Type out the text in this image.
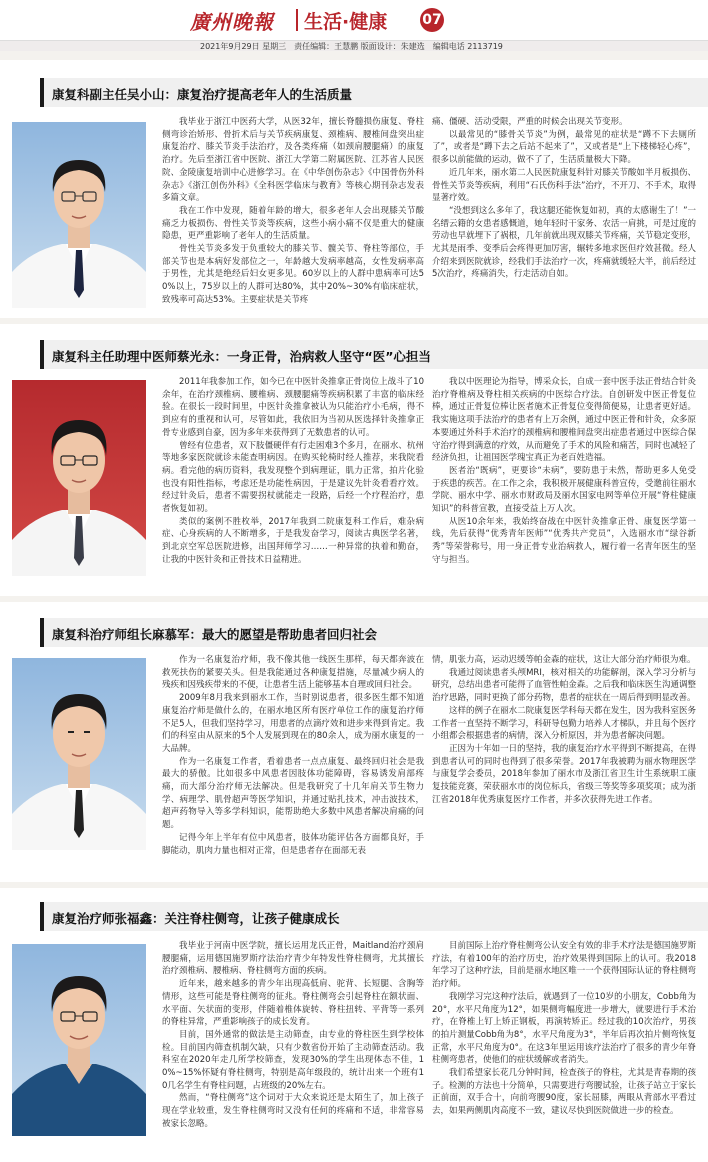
廣州晚報 生活·健康	07
2021年9月29日 星期三　责任编辑：王慧鹏 版面设计：朱建选　编辑电话 2113719
康复科副主任吴小山：康复治疗提高老年人的生活质量

我毕业于浙江中医药大学，从医32年，擅长脊髓损伤康复、脊柱侧弯诊治矫形、骨折术后与关节疾病康复、颈椎病、腰椎间盘突出症康复治疗、膝关节炎手法治疗，及各类疼痛（如颈肩腰腿痛）的康复治疗。先后至浙江省中医院、浙江大学第二附属医院、江苏省人民医院、金陵康复培训中心进修学习。在《中华创伤杂志》《中国骨伤外科杂志》《浙江创伤外科》《全科医学临床与教育》等核心期刊杂志发表多篇文章。

我在工作中发现，随着年龄的增大，很多老年人会出现膝关节酸痛乏力板损伤、骨性关节炎等疾病，这些小病小痛不仅是重大的健康隐患，更严重影响了老年人的生活质量。

骨性关节炎多发于负重较大的膝关节、髋关节、脊柱等部位，手部关节也是本病好发部位之一，年龄越大发病率越高，女性发病率高于男性，尤其是绝经后妇女更多见。60岁以上的人群中患病率可达50%以上，75岁以上的人群可达80%，其中20%~30%有临床症状，致残率可高达53%。主要症状是关节疼

痛、僵硬、活动受限，严重的时候会出现关节变形。

以最常见的“膝骨关节炎”为例，最常见的症状是“蹲不下去厕所了”，或者是“蹲下去之后站不起来了”，又或者是“上下楼梯轻心疼”，很多以前能做的运动，做不了了，生活质量极大下降。

近几年来，丽水第二人民医院康复科针对膝关节酸如半月板损伤、骨性关节炎等疾病，利用“石氏伤科手法”治疗，不开刀、不手术，取得显著疗效。

“没想到这么多年了，我这腿还能恢复如初，真的太感谢生了！”一名缙云籍的女患者感慨道，她年轻时干家务、农活一肩挑，可是过度的劳动也早就埋下了祸根，几年前就出现双膝关节疼痛，关节稳定变形，尤其是雨季、变季后会疼得更加厉害，辗转多地求医但疗效甚微。经人介绍来到医院就诊，经我们手法治疗一次，疼痛就缓轻大半，前后经过5次治疗，疼痛消失，行走活动自如。

康复科主任助理中医师蔡光永：一身正骨，治病救人坚守“医”心担当

2011年我参加工作，如今已在中医针灸推拿正骨岗位上战斗了10余年，在治疗颈椎病、腰椎病、颈腰腿痛等疾病积累了丰富的临床经验。在很长一段时间里，中医针灸推拿被认为只能治疗小毛病，得不到应有的重视和认可，尽管如此，我依旧为当初从医选择针灸推拿正骨专业感到自豪，因为多年来获得到了无数患者的认可。

曾经有位患者，双下肢僵硬伴有行走困难3个多月，在丽水、杭州等地多家医院就诊未能查明病因。在购买轮椅时经人推荐，来我院看病。看完他的病历资料，我发现整个到病理证，肌力正常，拍片化验也没有阳性指标，考虑还是功能性病因，于是建议先针灸看看疗效。经过针灸后，患者不需要拐杖就能走一段路，后经一个疗程治疗，患者恢复如初。

类似的案例不胜枚举，2017年我到二院康复科工作后，难杂病症、心身疾病的人不断增多，于是我发奋学习，阅读古典医学名著，到北京空军总医院进修，出国拜师学习……一种异常的执着和勤奋，让我的中医针灸和正骨技术日益精进。

我以中医理论为指导，博采众长，自成一套中医手法正骨结合针灸治疗脊椎病及脊柱相关疾病的中医综合疗法。自创研发中医正骨复位棒，通过正骨复位棒让医者施术正骨复位变得简便易，让患者更好适。我实施这项手法治疗的患者有上万余例，通过中医正骨和针灸，众多原本要通过外科手术治疗的颈椎病和腰椎间盘突出症患者通过中医综合保守治疗得到满意的疗效，从而避免了手术的风险和痛苦，同时也减轻了经济负担，让祖国医学瑰宝真正为老百姓造福。

医者治“既病”，更要诊“未病”，要防患于未然，帮助更多人免受于疾患的疾苦。在工作之余，我积极开展健康科普宣传，受邀前往丽水学院、丽水中学、丽水市财政局及丽水国家电网等单位开展“脊柱健康知识”的科普宣教，直接受益上万人次。

从医10余年来，我始终奋战在中医针灸推拿正骨、康复医学第一线，先后获得“优秀青年医师”“优秀共产党员”，入选丽水市“绿谷新秀”等荣誉称号，用一身正骨专业治病救人，履行着一名青年医生的坚守与担当。

康复科治疗师组长麻慕军：最大的愿望是帮助患者回归社会

作为一名康复治疗师，我不像其他一线医生那样，每天都奔波在救死扶伤的紧要关头。但是我能通过各种康复措施，尽量减少病人的残疾和因残疾带来的不便，让患者生活上能够基本自理或回归社会。

2009年8月我来到丽水工作，当时别说患者，很多医生都不知道康复治疗师是做什么的，在丽水地区所有医疗单位工作的康复治疗师不足5人，但我们坚持学习，用患者的点滴疗效和进步来得到肯定。我们的科室由从原来的5个人发展到现在的80余人，成为丽水康复的一大品牌。

作为一名康复工作者，看着患者一点点康复、最终回归社会是我最大的骄傲。比如很多中风患者因肢体功能障碍，容易诱发肩部疼痛，而大部分治疗师无法解决。但是我研究了十几年肩关节生物力学、病理学、肌骨超声等医学知识，并通过贴扎技术，冲击波技术，超声药物导入等多学科知识，能帮助绝大多数中风患者解决肩痛的问题。

记得今年上半年有位中风患者，肢体功能评估各方面都良好，手脚能动，肌肉力量也相对正常，但是患者存在面部无表

情，肌张力高，运动迟缓等帕金森的症状，这让大部分治疗师很为难。

我通过阅读患者头颅MRI，核对相关的功能解剖，深入学习分析与研究，总结出患者可能得了血管性帕金森。之后我和临床医生沟通调整治疗思路，同时更换了部分药物，患者的症状在一周后得到明显改善。

这样的例子在丽水二院康复医学科每天都在发生，因为我科室医务工作者一直坚持不断学习，科研导包勤力培养人才梯队，并且每个医疗小组都会根据患者的病情，深入分析原因，并为患者解决问题。

正因为十年如一日的坚持，我的康复治疗水平得到不断提高，在得到患者认可的同时也得到了很多荣誉。2017年我被聘为丽水物理医学与康复学会委员，2018年参加了丽水市及浙江省卫生计生系统职工康复技能竞赛，荣获丽水市的岗位标兵，省级三等奖等多项奖项；成为浙江省2018年优秀康复医疗工作者，并多次获得先进工作者。

康复治疗师张福鑫：关注脊柱侧弯，让孩子健康成长

我毕业于河南中医学院，擅长运用龙氏正骨，Maitland治疗颈肩腰腿痛，运用德国施罗斯疗法治疗青少年特发性脊柱侧弯，尤其擅长治疗颈椎病、腰椎病、脊柱侧弯方面的疾病。

近年来，越来越多的青少年出现高低肩、驼背、长短腿、含胸等情形，这些可能是脊柱侧弯的征兆。脊柱侧弯会引起脊柱在额状面、水平面、矢状面的变形，伴随着椎体旋转、脊柱扭转、平背等一系列的脊柱异常，严重影响孩子的成长发育。

目前，国外通常的做法是主动筛查，由专业的脊柱医生到学校体检。目前国内筛查机制欠缺，只有少数省份开始了主动筛查活动。我科室在2020年走几所学校筛查，发现30%的学生出现体态不佳，10%~15%怀疑有脊柱侧弯，特别是高年级段的，统计出来一个班有10几名学生有脊柱问题，占班级的20%左右。

然而，“脊柱侧弯”这个词对于大众来说还是太陌生了，加上孩子现在学业较重，发生脊柱侧弯时又没有任何的疼痛和不适，非常容易被家长忽略。

目前国际上治疗脊柱侧弯公认安全有效的非手术疗法是德国施罗斯疗法，有着100年的治疗历史，治疗效果得到国际上的认可。我2018年学习了这种疗法，目前是丽水地区唯一一个获得国际认证的脊柱侧弯治疗师。

我刚学习完这种疗法后，就遇到了一位10岁的小朋友，Cobb角为20°，水平尺角度为12°，如果侧弯幅度进一步增大，就要进行手术治疗，在脊椎上钉上矫正钢板，再演转矫正。经过我的10次治疗，男孩的拍片测量Cobb角为8°，水平尺角度为3°，半年后再次拍片侧弯恢复正常，水平尺角度为0°。在这3年里运用该疗法治疗了很多的青少年脊柱侧弯患者，使他们的症状缓解或者消失。

我们希望家长花几分钟时间，检查孩子的脊柱，尤其是青春期的孩子。检测的方法也十分简单，只需要进行弯腰试验，让孩子站立于家长正前面，双手合十，向前弯腰90度，家长屈膝，两眼从背部水平看过去，如果两侧肌肉高度不一致，建议尽快到医院做进一步的检查。
